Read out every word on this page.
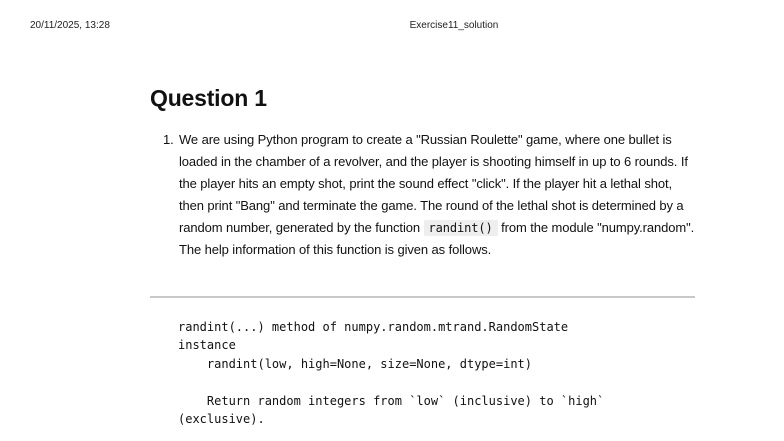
20/11/2025, 13:28	Exercise11_solution
Question 1
1. We are using Python program to create a "Russian Roulette" game, where one bullet is loaded in the chamber of a revolver, and the player is shooting himself in up to 6 rounds. If the player hits an empty shot, print the sound effect "click". If the player hit a lethal shot, then print "Bang" and terminate the game. The round of the lethal shot is determined by a random number, generated by the function randint() from the module "numpy.random". The help information of this function is given as follows.
randint(...) method of numpy.random.mtrand.RandomState
instance
randint(low, high=None, size=None, dtype=int)

Return random integers from `low` (inclusive) to `high`
(exclusive).
